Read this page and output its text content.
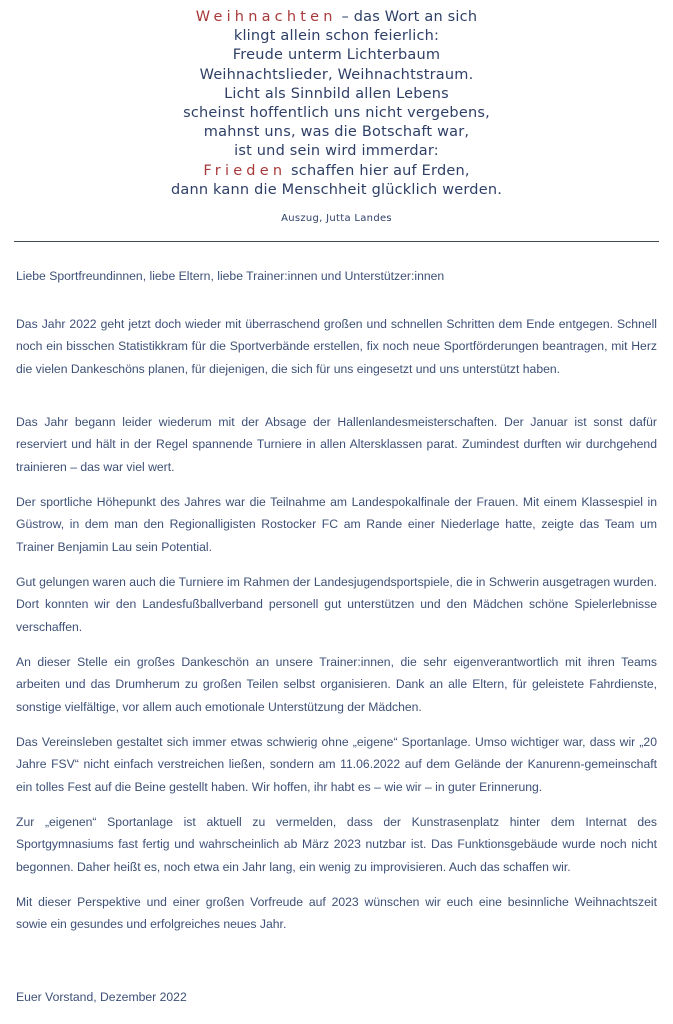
Weihnachten – das Wort an sich
klingt allein schon feierlich:
Freude unterm Lichterbaum
Weihnachtslieder, Weihnachtstraum.
Licht als Sinnbild allen Lebens
scheinst hoffentlich uns nicht vergebens,
mahnst uns, was die Botschaft war,
ist und sein wird immerdar:
Frieden schaffen hier auf Erden,
dann kann die Menschheit glücklich werden.
Auszug, Jutta Landes
Liebe Sportfreundinnen, liebe Eltern, liebe Trainer:innen und Unterstützer:innen
Das Jahr 2022 geht jetzt doch wieder mit überraschend großen und schnellen Schritten dem Ende entgegen. Schnell noch ein bisschen Statistikkram für die Sportverbände erstellen, fix noch neue Sportförderungen beantragen, mit Herz die vielen Dankeschöns planen, für diejenigen, die sich für uns eingesetzt und uns unterstützt haben.
Das Jahr begann leider wiederum mit der Absage der Hallenlandesmeisterschaften. Der Januar ist sonst dafür reserviert und hält in der Regel spannende Turniere in allen Altersklassen parat. Zumindest durften wir durchgehend trainieren – das war viel wert.
Der sportliche Höhepunkt des Jahres war die Teilnahme am Landespokalfinale der Frauen. Mit einem Klassespiel in Güstrow, in dem man den Regionalligisten Rostocker FC am Rande einer Niederlage hatte, zeigte das Team um Trainer Benjamin Lau sein Potential.
Gut gelungen waren auch die Turniere im Rahmen der Landesjugendsportspiele, die in Schwerin ausgetragen wurden. Dort konnten wir den Landesfußballverband personell gut unterstützen und den Mädchen schöne Spielerlebnisse verschaffen.
An dieser Stelle ein großes Dankeschön an unsere Trainer:innen, die sehr eigenverantwortlich mit ihren Teams arbeiten und das Drumherum zu großen Teilen selbst organisieren. Dank an alle Eltern, für geleistete Fahrdienste, sonstige vielfältige, vor allem auch emotionale Unterstützung der Mädchen.
Das Vereinsleben gestaltet sich immer etwas schwierig ohne „eigene“ Sportanlage. Umso wichtiger war, dass wir „20 Jahre FSV“ nicht einfach verstreichen ließen, sondern am 11.06.2022 auf dem Gelände der Kanurenn-gemeinschaft ein tolles Fest auf die Beine gestellt haben. Wir hoffen, ihr habt es – wie wir – in guter Erinnerung.
Zur „eigenen“ Sportanlage ist aktuell zu vermelden, dass der Kunstrasenplatz hinter dem Internat des Sportgymnasiums fast fertig und wahrscheinlich ab März 2023 nutzbar ist. Das Funktionsgebäude wurde noch nicht begonnen. Daher heißt es, noch etwa ein Jahr lang, ein wenig zu improvisieren. Auch das schaffen wir.
Mit dieser Perspektive und einer großen Vorfreude auf 2023 wünschen wir euch eine besinnliche Weihnachtszeit sowie ein gesundes und erfolgreiches neues Jahr.
Euer Vorstand, Dezember 2022
